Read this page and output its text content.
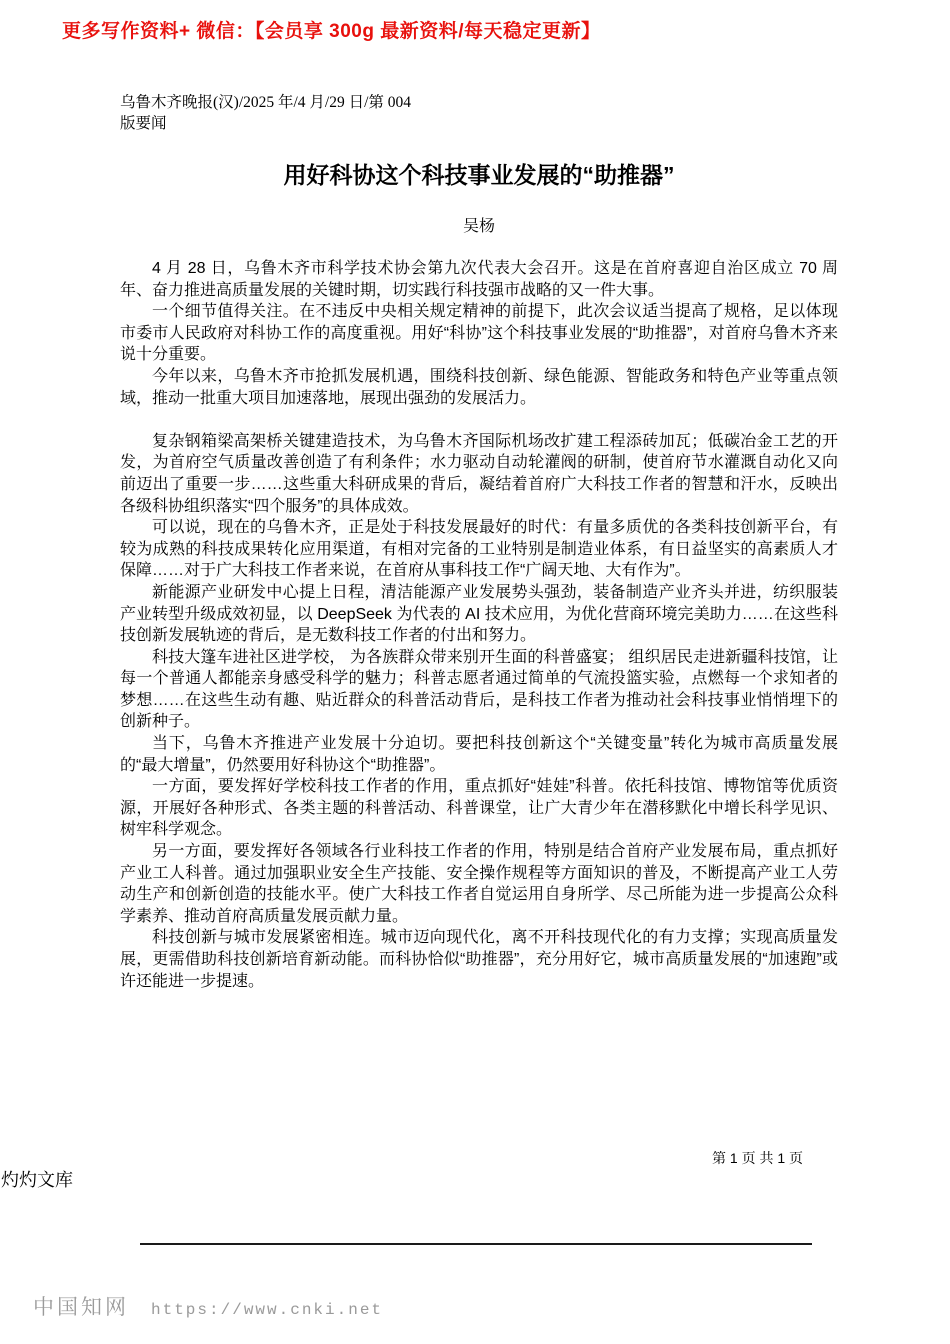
更多写作资料+ 微信：【会员享 300g 最新资料/每天稳定更新】
乌鲁木齐晚报(汉)/2025 年/4 月/29 日/第 004
版要闻
用好科协这个科技事业发展的“助推器”
吴杨

4 月 28 日，乌鲁木齐市科学技术协会第九次代表大会召开。这是在首府喜迎自治区成立 70 周年、奋力推进高质量发展的关键时期，切实践行科技强市战略的又一件大事。

一个细节值得关注。在不违反中央相关规定精神的前提下，此次会议适当提高了规格，足以体现市委市人民政府对科协工作的高度重视。用好“科协”这个科技事业发展的“助推器”，对首府乌鲁木齐来说十分重要。

今年以来，乌鲁木齐市抢抓发展机遇，围绕科技创新、绿色能源、智能政务和特色产业等重点领域，推动一批重大项目加速落地，展现出强劲的发展活力。

复杂钢箱梁高架桥关键建造技术，为乌鲁木齐国际机场改扩建工程添砖加瓦；低碳冶金工艺的开发，为首府空气质量改善创造了有利条件；水力驱动自动轮灌阀的研制，使首府节水灌溉自动化又向前迈出了重要一步……这些重大科研成果的背后，凝结着首府广大科技工作者的智慧和汗水，反映出各级科协组织落实“四个服务”的具体成效。

可以说，现在的乌鲁木齐，正是处于科技发展最好的时代：有量多质优的各类科技创新平台，有较为成熟的科技成果转化应用渠道，有相对完备的工业特别是制造业体系，有日益坚实的高素质人才保障……对于广大科技工作者来说，在首府从事科技工作“广阔天地、大有作为”。

新能源产业研发中心提上日程，清洁能源产业发展势头强劲，装备制造产业齐头并进，纺织服装产业转型升级成效初显，以 DeepSeek 为代表的 AI 技术应用，为优化营商环境完美助力……在这些科技创新发展轨迹的背后，是无数科技工作者的付出和努力。

科技大篷车进社区进学校， 为各族群众带来别开生面的科普盛宴； 组织居民走进新疆科技馆，让每一个普通人都能亲身感受科学的魅力；科普志愿者通过简单的气流投篮实验，点燃每一个求知者的梦想……在这些生动有趣、贴近群众的科普活动背后，是科技工作者为推动社会科技事业悄悄埋下的创新种子。

当下，乌鲁木齐推进产业发展十分迫切。要把科技创新这个“关键变量”转化为城市高质量发展的“最大增量”，仍然要用好科协这个“助推器”。

一方面，要发挥好学校科技工作者的作用，重点抓好“娃娃”科普。依托科技馆、博物馆等优质资源，开展好各种形式、各类主题的科普活动、科普课堂，让广大青少年在潜移默化中增长科学见识、树牢科学观念。

另一方面，要发挥好各领域各行业科技工作者的作用，特别是结合首府产业发展布局，重点抓好产业工人科普。通过加强职业安全生产技能、安全操作规程等方面知识的普及，不断提高产业工人劳动生产和创新创造的技能水平。使广大科技工作者自觉运用自身所学、尽己所能为进一步提高公众科学素养、推动首府高质量发展贡献力量。

科技创新与城市发展紧密相连。城市迈向现代化，离不开科技现代化的有力支撑；实现高质量发展，更需借助科技创新培育新动能。而科协恰似“助推器”，充分用好它，城市高质量发展的“加速跑”或许还能进一步提速。

第 1 页 共 1 页
灼灼文库
中国知网 https://www.cnki.net
